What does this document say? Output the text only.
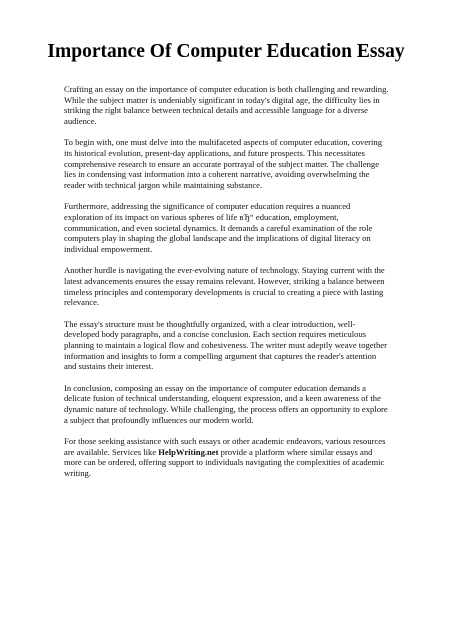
Importance Of Computer Education Essay

Crafting an essay on the importance of computer education is both challenging and rewarding. While the subject matter is undeniably significant in today's digital age, the difficulty lies in striking the right balance between technical details and accessible language for a diverse audience.

To begin with, one must delve into the multifaceted aspects of computer education, covering its historical evolution, present-day applications, and future prospects. This necessitates comprehensive research to ensure an accurate portrayal of the subject matter. The challenge lies in condensing vast information into a coherent narrative, avoiding overwhelming the reader with technical jargon while maintaining substance.

Furthermore, addressing the significance of computer education requires a nuanced exploration of its impact on various spheres of life вЂ“ education, employment, communication, and even societal dynamics. It demands a careful examination of the role computers play in shaping the global landscape and the implications of digital literacy on individual empowerment.

Another hurdle is navigating the ever-evolving nature of technology. Staying current with the latest advancements ensures the essay remains relevant. However, striking a balance between timeless principles and contemporary developments is crucial to creating a piece with lasting relevance.

The essay's structure must be thoughtfully organized, with a clear introduction, well-developed body paragraphs, and a concise conclusion. Each section requires meticulous planning to maintain a logical flow and cohesiveness. The writer must adeptly weave together information and insights to form a compelling argument that captures the reader's attention and sustains their interest.

In conclusion, composing an essay on the importance of computer education demands a delicate fusion of technical understanding, eloquent expression, and a keen awareness of the dynamic nature of technology. While challenging, the process offers an opportunity to explore a subject that profoundly influences our modern world.

For those seeking assistance with such essays or other academic endeavors, various resources are available. Services like HelpWriting.net provide a platform where similar essays and more can be ordered, offering support to individuals navigating the complexities of academic writing.
